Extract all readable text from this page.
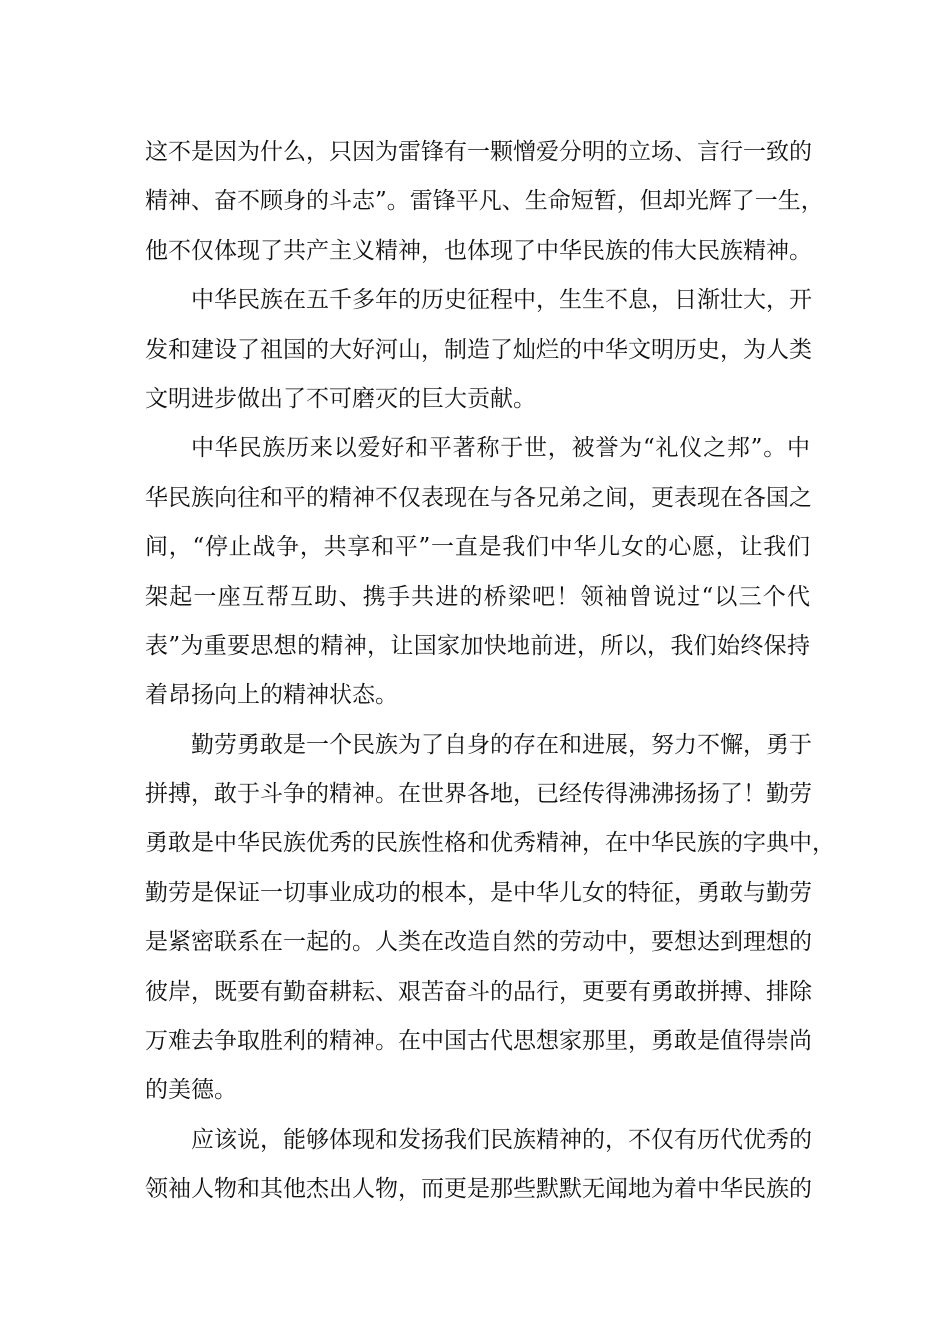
这不是因为什么，只因为雷锋有一颗憎爱分明的立场、言行一致的
精神、奋不顾身的斗志”。雷锋平凡、生命短暂，但却光辉了一生，
他不仅体现了共产主义精神，也体现了中华民族的伟大民族精神。
中华民族在五千多年的历史征程中，生生不息，日渐壮大，开
发和建设了祖国的大好河山，制造了灿烂的中华文明历史，为人类
文明进步做出了不可磨灭的巨大贡献。
中华民族历来以爱好和平著称于世，被誉为“礼仪之邦”。中
华民族向往和平的精神不仅表现在与各兄弟之间，更表现在各国之
间，“停止战争，共享和平”一直是我们中华儿女的心愿，让我们
架起一座互帮互助、携手共进的桥梁吧！领袖曾说过“以三个代
表”为重要思想的精神，让国家加快地前进，所以，我们始终保持
着昂扬向上的精神状态。
勤劳勇敢是一个民族为了自身的存在和进展，努力不懈，勇于
拼搏，敢于斗争的精神。在世界各地，已经传得沸沸扬扬了！勤劳
勇敢是中华民族优秀的民族性格和优秀精神，在中华民族的字典中，
勤劳是保证一切事业成功的根本，是中华儿女的特征，勇敢与勤劳
是紧密联系在一起的。人类在改造自然的劳动中，要想达到理想的
彼岸，既要有勤奋耕耘、艰苦奋斗的品行，更要有勇敢拼搏、排除
万难去争取胜利的精神。在中国古代思想家那里，勇敢是值得崇尚
的美德。
应该说，能够体现和发扬我们民族精神的，不仅有历代优秀的
领袖人物和其他杰出人物，而更是那些默默无闻地为着中华民族的
